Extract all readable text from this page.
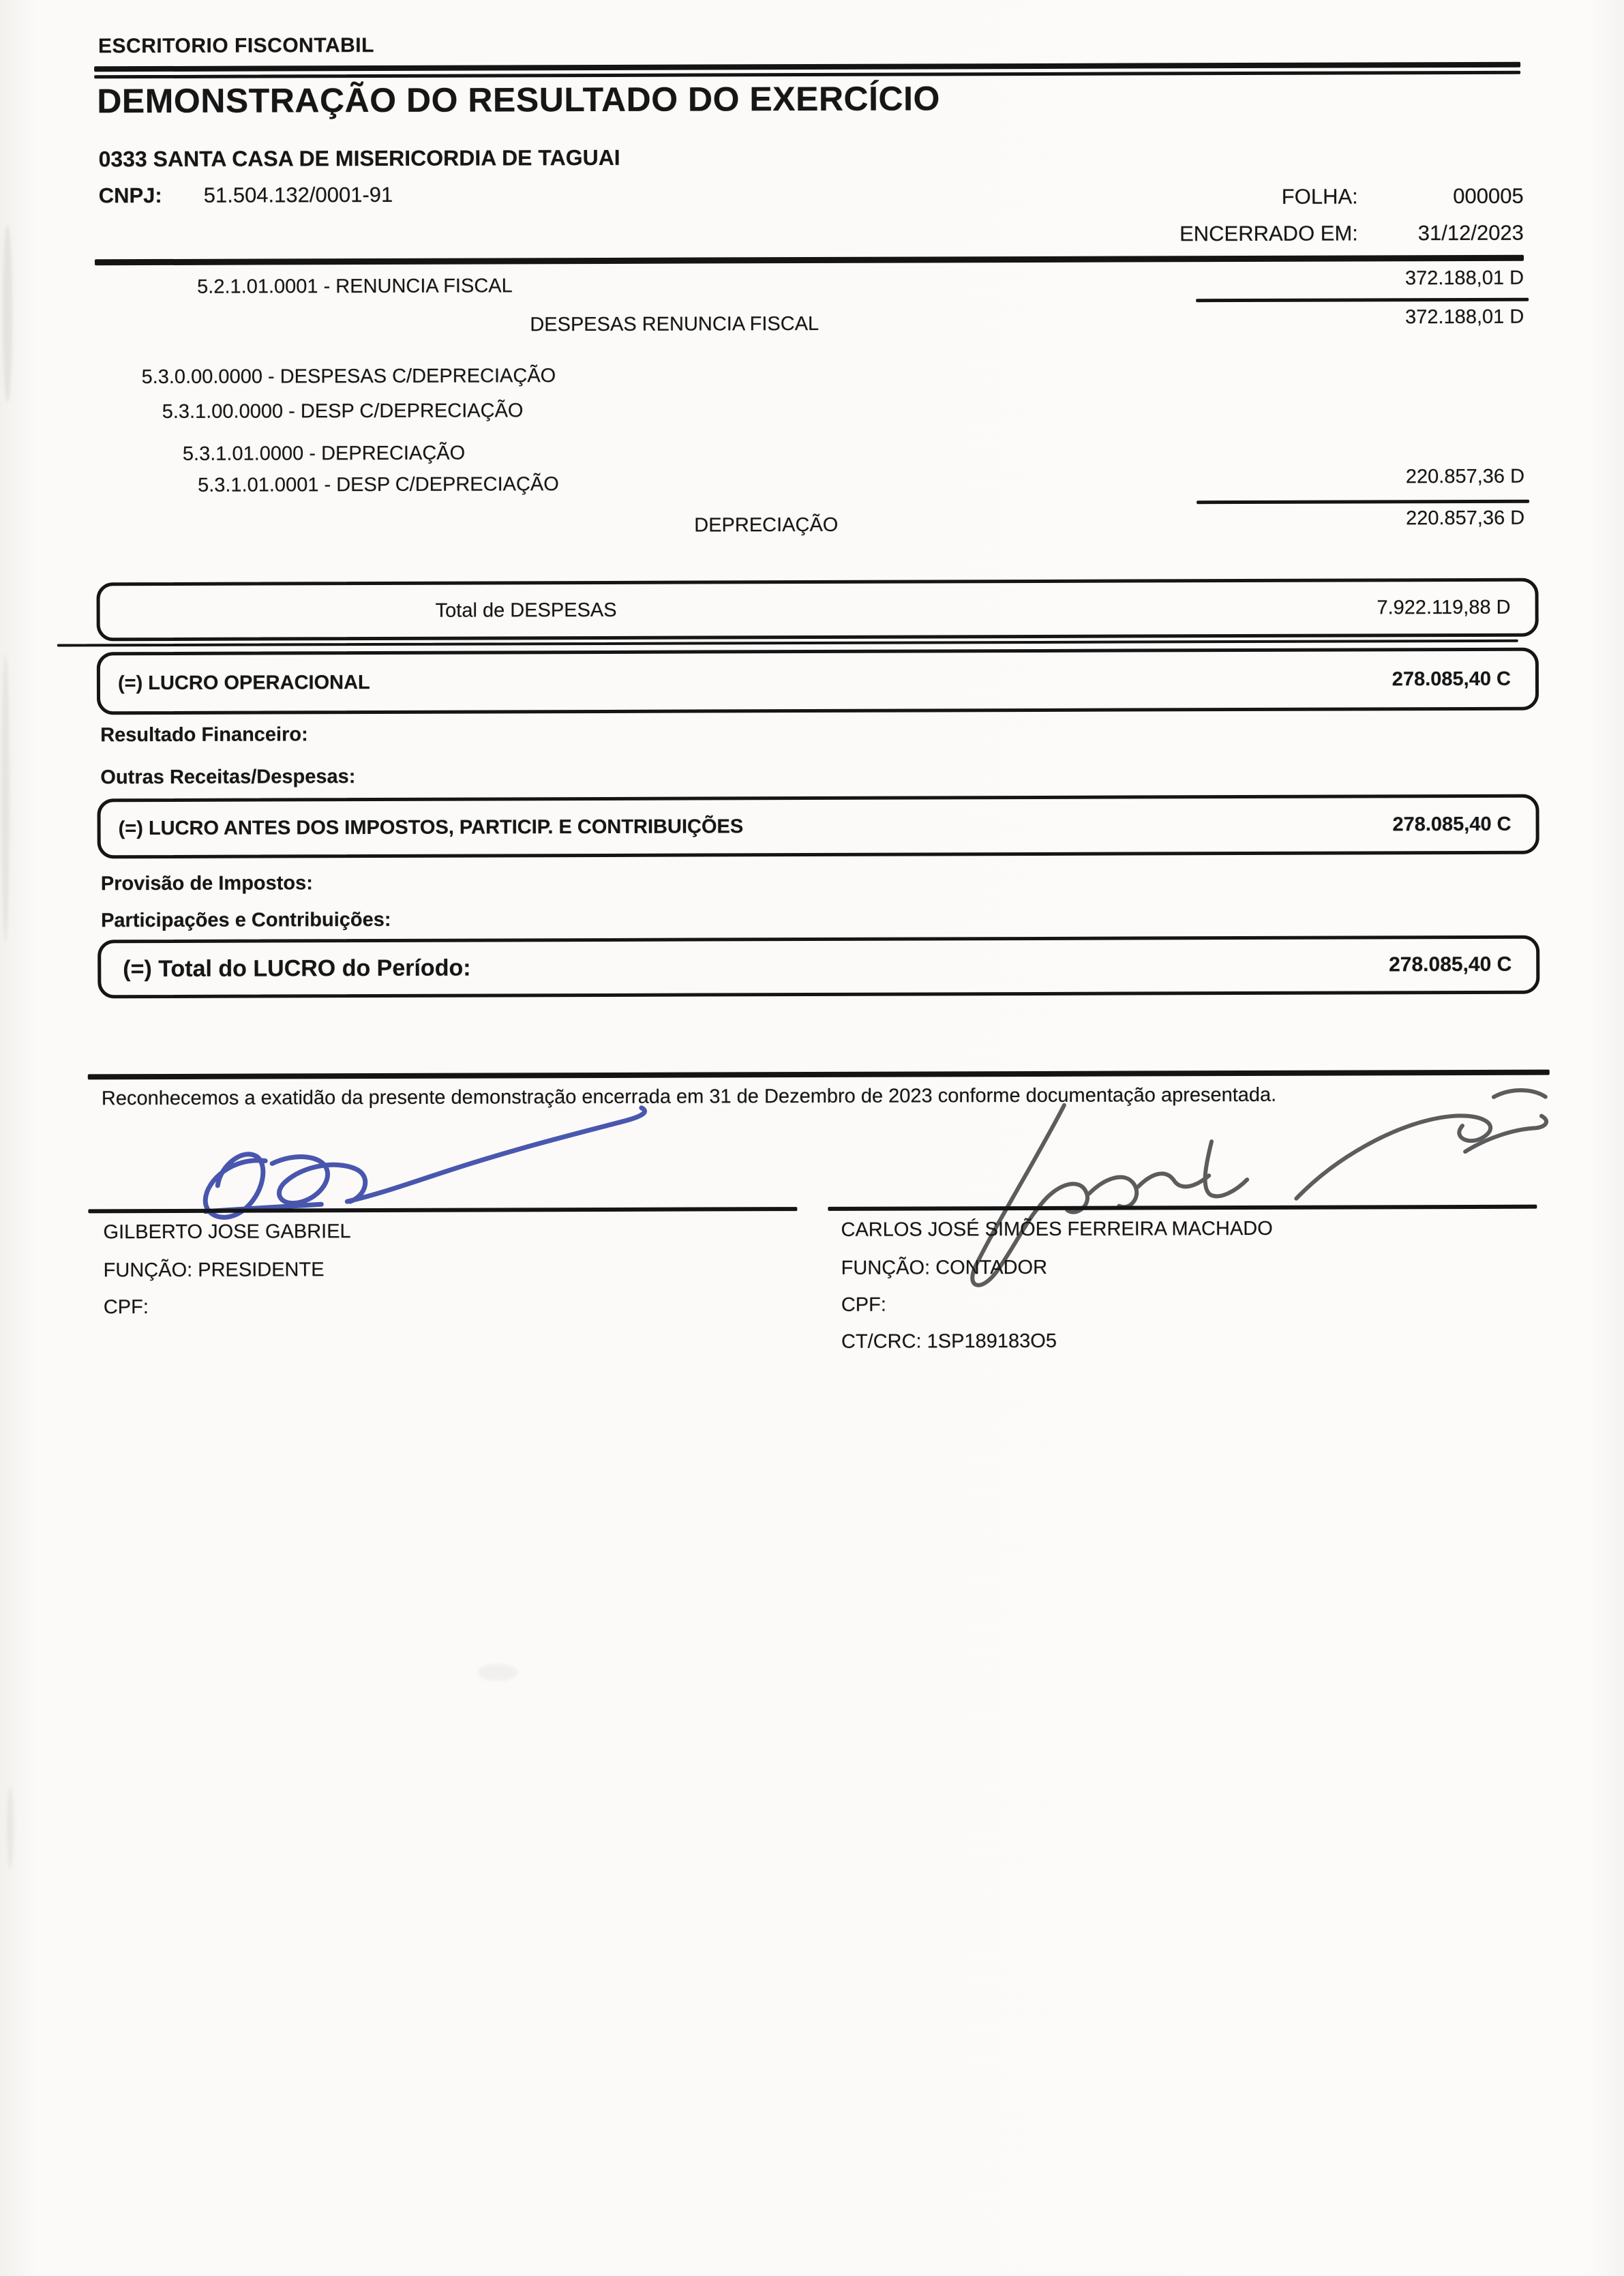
ESCRITORIO FISCONTABIL
DEMONSTRAÇÃO DO RESULTADO DO EXERCÍCIO
0333 SANTA CASA DE MISERICORDIA DE TAGUAI
CNPJ: 51.504.132/0001-91	FOLHA:	000005
ENCERRADO EM:	31/12/2023
5.2.1.01.0001 - RENUNCIA FISCAL	372.188,01 D
DESPESAS RENUNCIA FISCAL	372.188,01 D
5.3.0.00.0000 - DESPESAS C/DEPRECIAÇÃO
5.3.1.00.0000 - DESP C/DEPRECIAÇÃO
5.3.1.01.0000 - DEPRECIAÇÃO
5.3.1.01.0001 - DESP C/DEPRECIAÇÃO	220.857,36 D
DEPRECIAÇÃO	220.857,36 D
Total de DESPESAS	7.922.119,88 D
(=) LUCRO OPERACIONAL	278.085,40 C
Resultado Financeiro:
Outras Receitas/Despesas:
(=) LUCRO ANTES DOS IMPOSTOS, PARTICIP. E CONTRIBUIÇÕES	278.085,40 C
Provisão de Impostos:
Participações e Contribuições:
(=) Total do LUCRO do Período:	278.085,40 C
Reconhecemos a exatidão da presente demonstração encerrada em 31 de Dezembro de 2023 conforme documentação apresentada.
GILBERTO JOSE GABRIEL
FUNÇÃO: PRESIDENTE
CPF:
CARLOS JOSÉ SIMÕES FERREIRA MACHADO
FUNÇÃO: CONTADOR
CPF:
CT/CRC: 1SP189183O5
